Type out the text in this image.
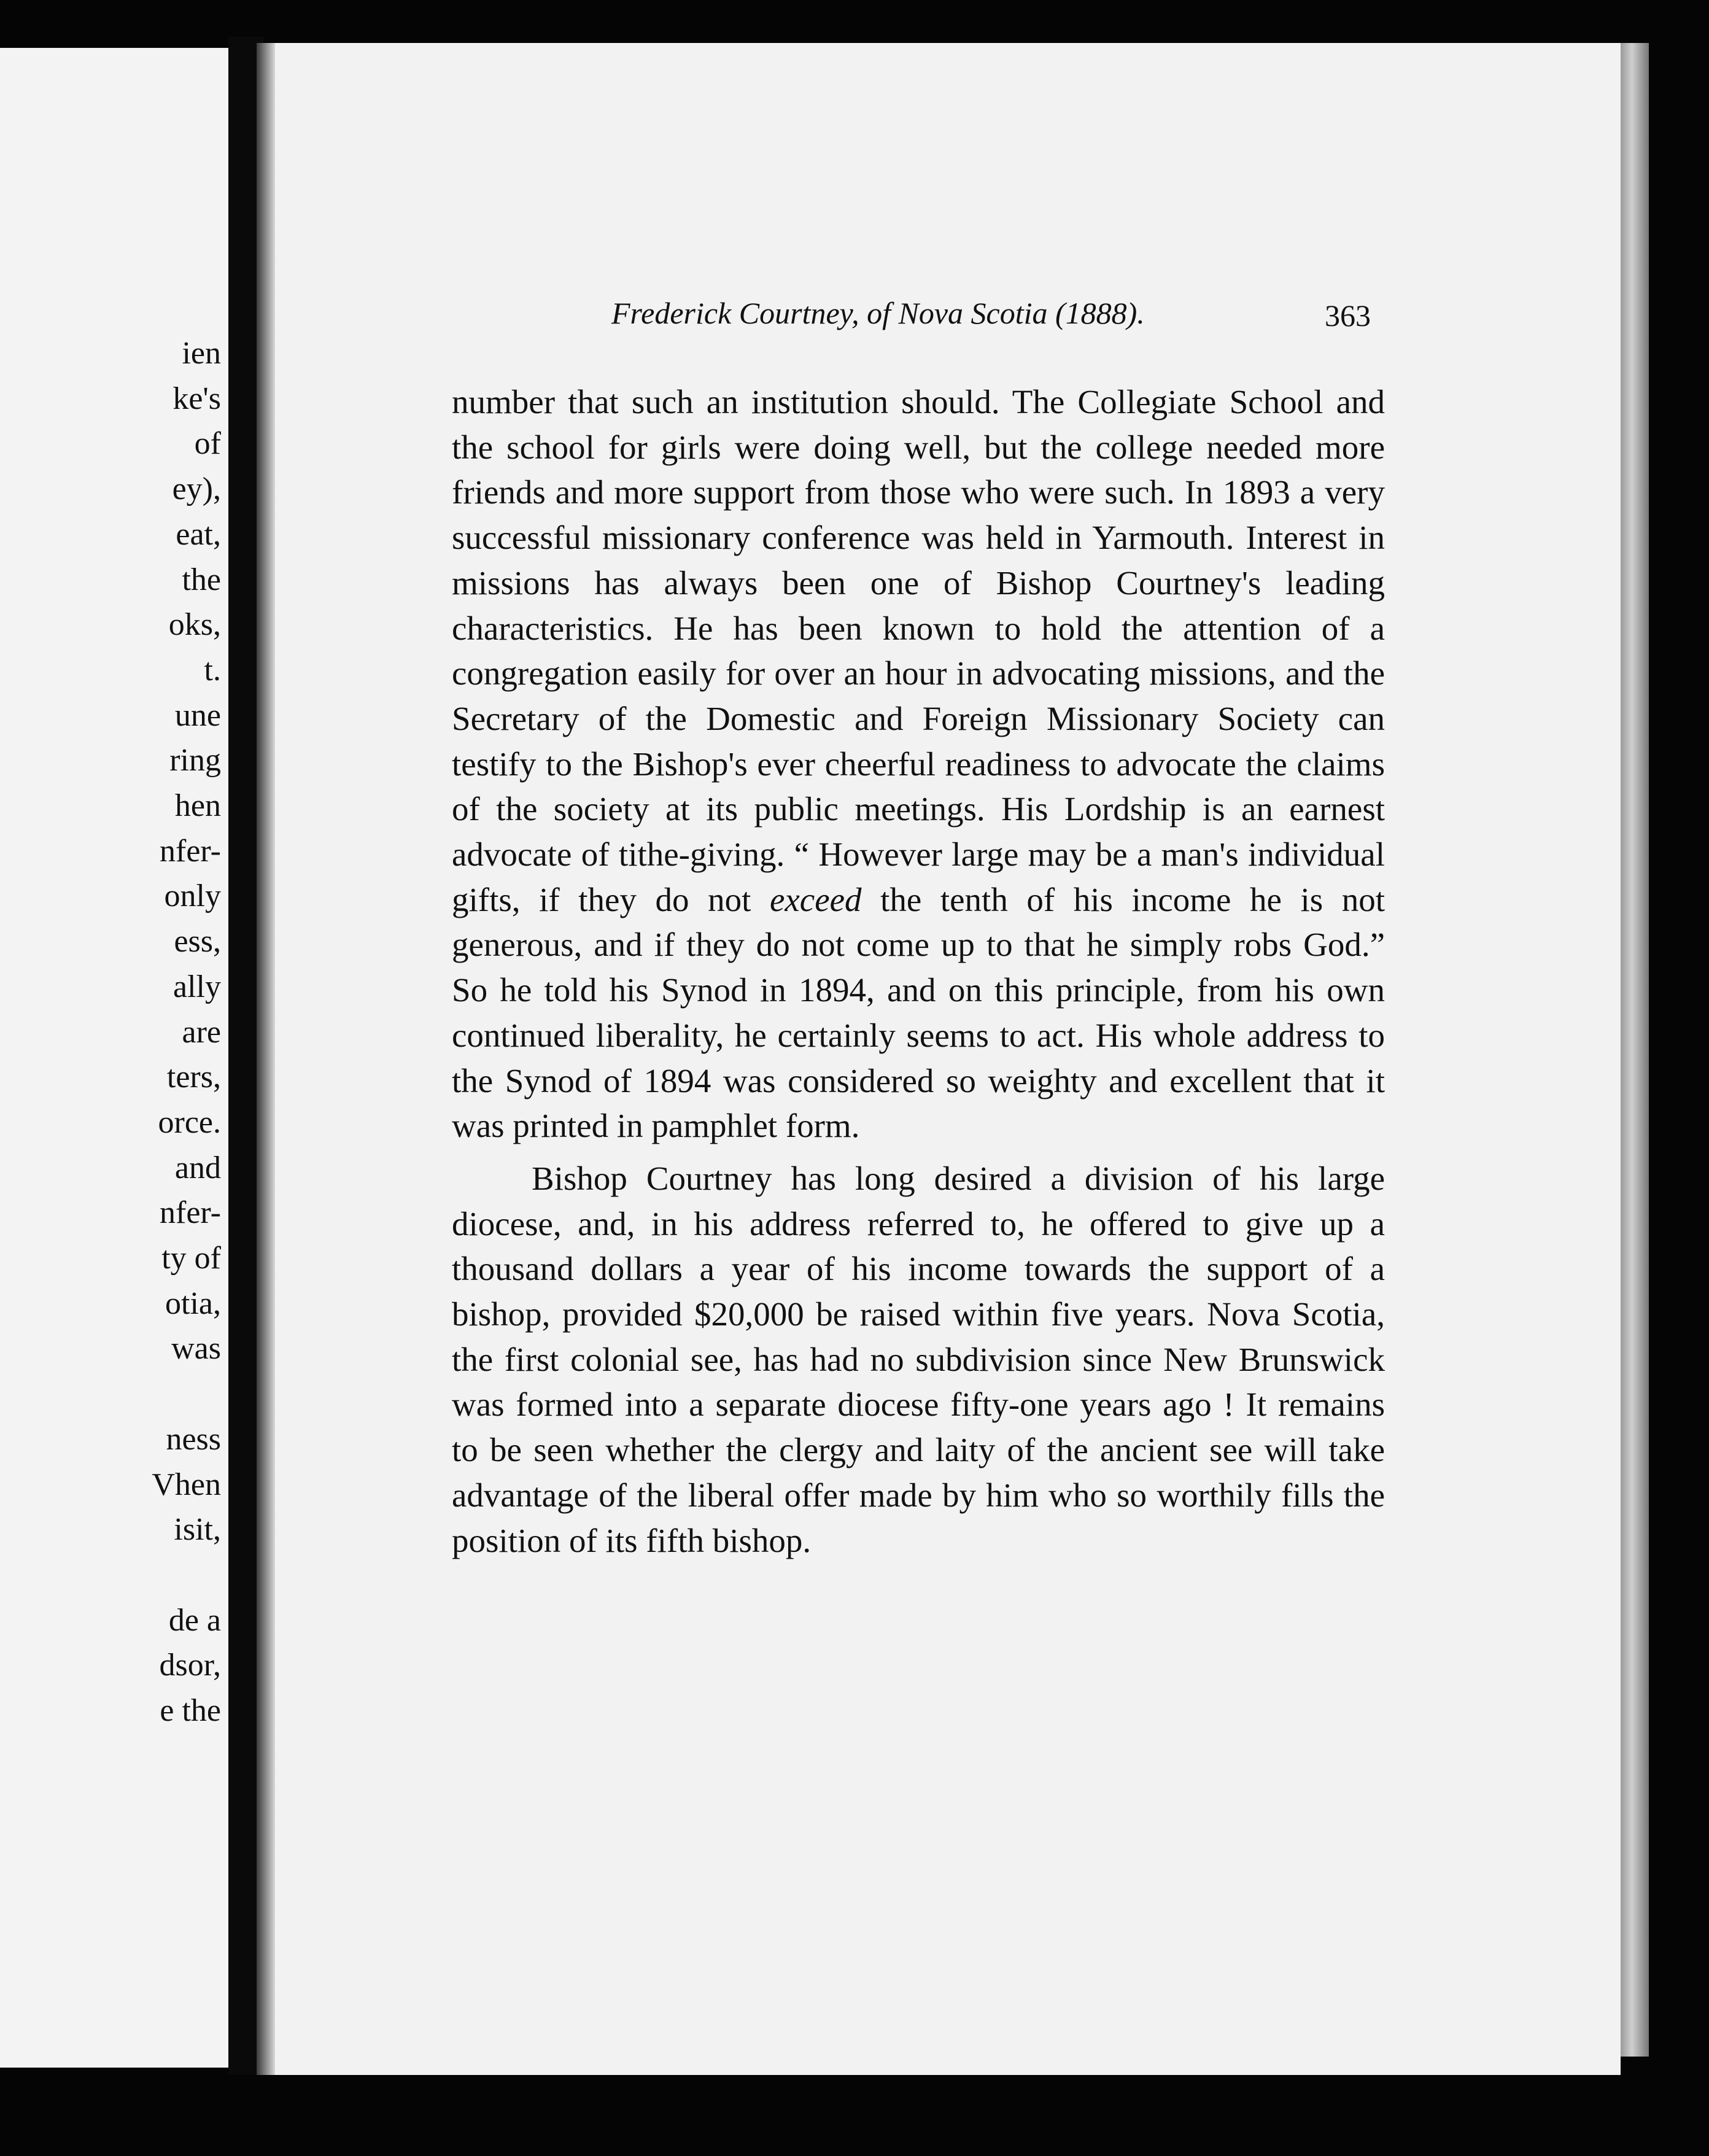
ien
ke's
of
ey),
eat,
the
oks,
t.
une
ring
hen
nfer-
only
ess,
ally
are
ters,
orce.
and
nfer-
ty of
otia,
was
ness
Vhen
isit,
de a
dsor,
e the
Frederick Courtney, of Nova Scotia (1888).	363

number that such an institution should. The Collegiate School and the school for girls were doing well, but the college needed more friends and more support from those who were such. In 1893 a very successful missionary conference was held in Yarmouth. Interest in missions has always been one of Bishop Courtney's leading characteristics. He has been known to hold the attention of a congregation easily for over an hour in advocating missions, and the Secretary of the Domestic and Foreign Missionary Society can testify to the Bishop's ever cheerful readiness to advocate the claims of the society at its public meetings. His Lordship is an earnest advocate of tithe-giving. “ However large may be a man's individual gifts, if they do not exceed the tenth of his income he is not generous, and if they do not come up to that he simply robs God.” So he told his Synod in 1894, and on this principle, from his own continued liberality, he certainly seems to act. His whole address to the Synod of 1894 was considered so weighty and excellent that it was printed in pamphlet form.

Bishop Courtney has long desired a division of his large diocese, and, in his address referred to, he offered to give up a thousand dollars a year of his income towards the support of a bishop, provided $20,000 be raised within five years. Nova Scotia, the first colonial see, has had no subdivision since New Brunswick was formed into a separate diocese fifty-one years ago ! It remains to be seen whether the clergy and laity of the ancient see will take advantage of the liberal offer made by him who so worthily fills the position of its fifth bishop.
